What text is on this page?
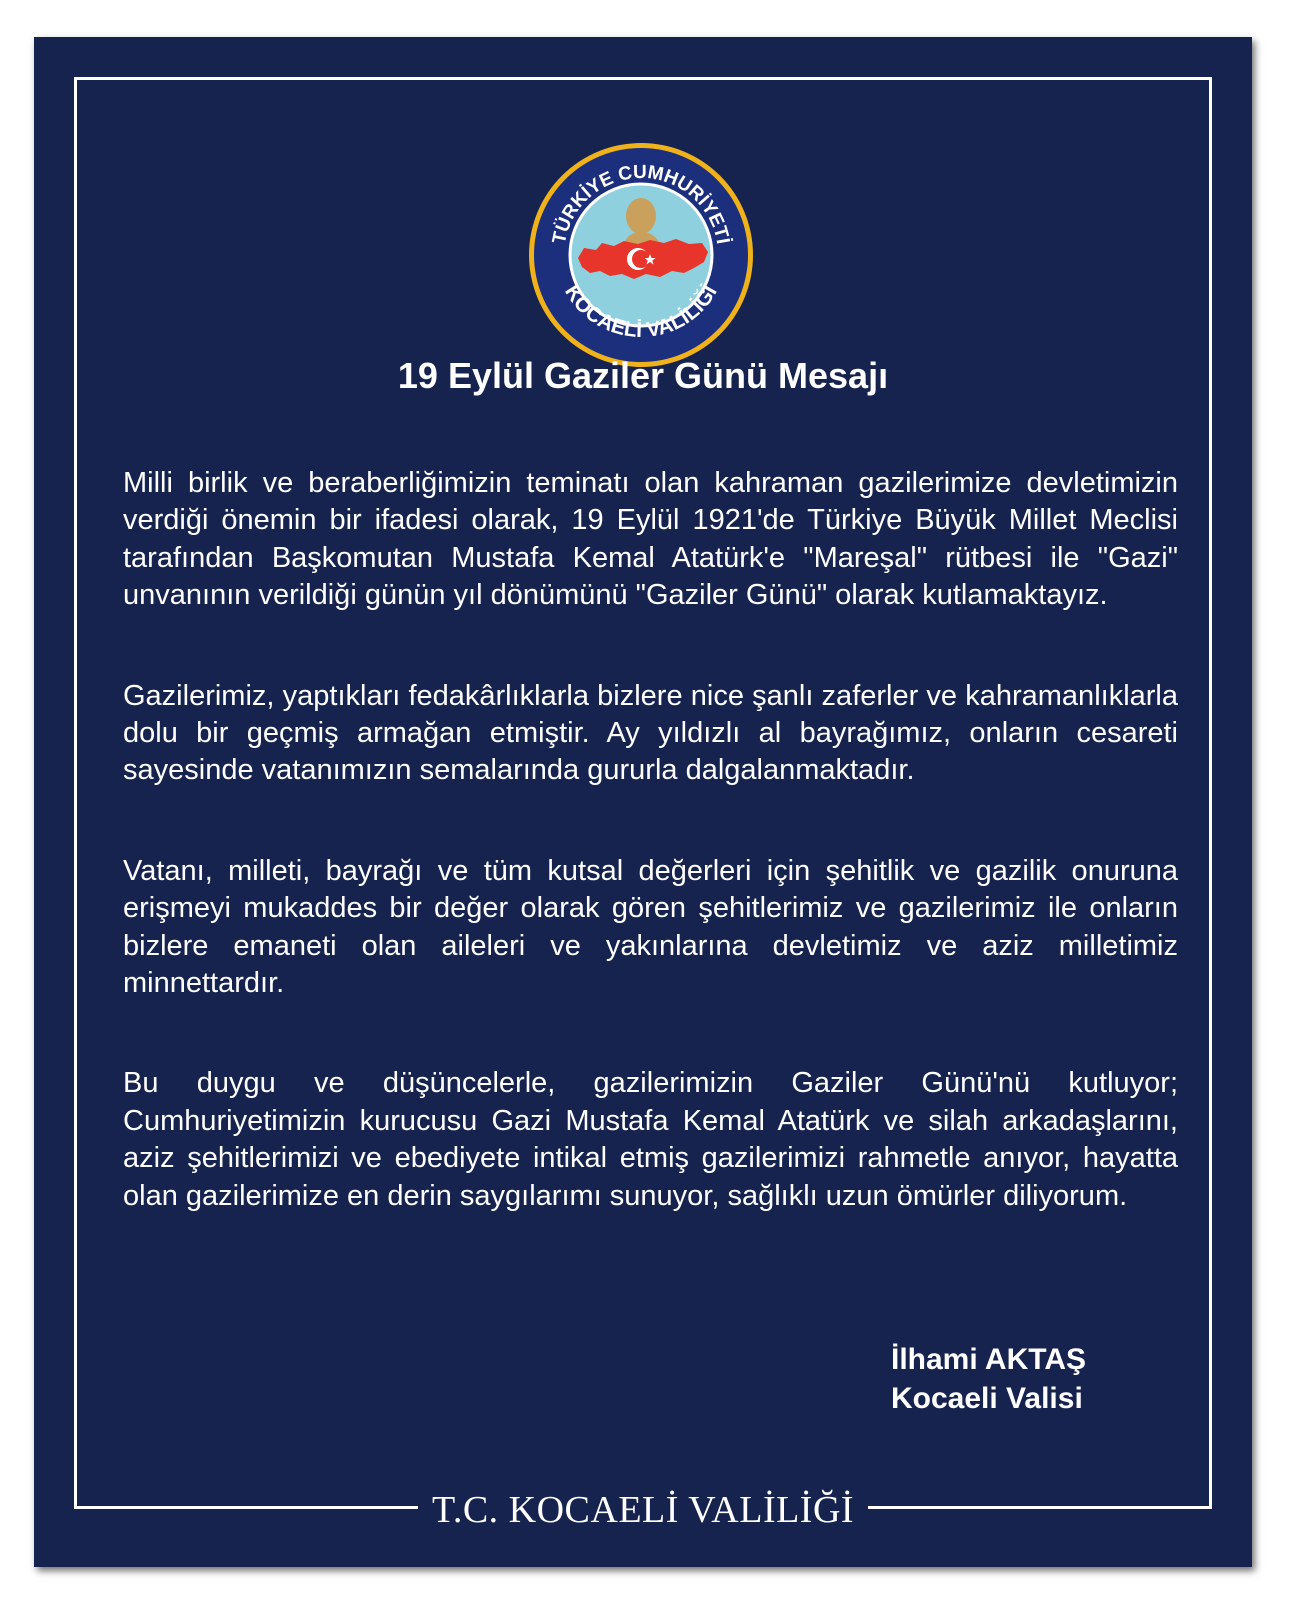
TÜRKİYE CUMHURİYETİ
KOCAELİ VALİLİĞİ
19 Eylül Gaziler Günü Mesajı

Milli birlik ve beraberliğimizin teminatı olan kahraman gazilerimize devletimizin verdiği önemin bir ifadesi olarak, 19 Eylül 1921'de Türkiye Büyük Millet Meclisi tarafından Başkomutan Mustafa Kemal Atatürk'e "Mareşal" rütbesi ile "Gazi" unvanının verildiği günün yıl dönümünü "Gaziler Günü" olarak kutlamaktayız.

Gazilerimiz, yaptıkları fedakârlıklarla bizlere nice şanlı zaferler ve kahramanlıklarla dolu bir geçmiş armağan etmiştir. Ay yıldızlı al bayrağımız, onların cesareti sayesinde vatanımızın semalarında gururla dalgalanmaktadır.

Vatanı, milleti, bayrağı ve tüm kutsal değerleri için şehitlik ve gazilik onuruna erişmeyi mukaddes bir değer olarak gören şehitlerimiz ve gazilerimiz ile onların bizlere emaneti olan aileleri ve yakınlarına devletimiz ve aziz milletimiz minnettardır.

Bu duygu ve düşüncelerle, gazilerimizin Gaziler Günü'nü kutluyor; Cumhuriyetimizin kurucusu Gazi Mustafa Kemal Atatürk ve silah arkadaşlarını, aziz şehitlerimizi ve ebediyete intikal etmiş gazilerimizi rahmetle anıyor, hayatta olan gazilerimize en derin saygılarımı sunuyor, sağlıklı uzun ömürler diliyorum.

İlhami AKTAŞ
Kocaeli Valisi
T.C. KOCAELİ VALİLİĞİ
